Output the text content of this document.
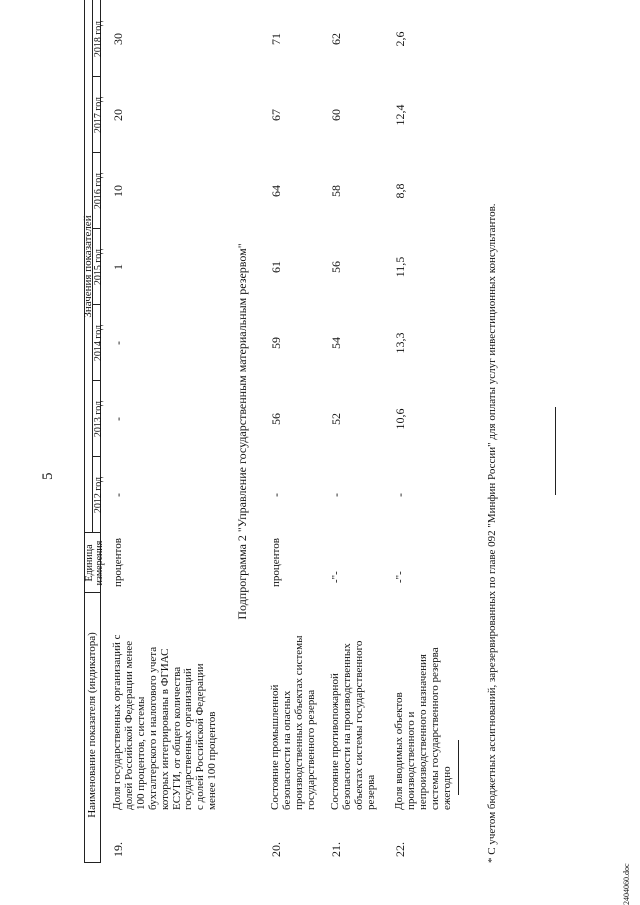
5
Наименование показателя (индикатора)
Единица измерения
Значения показателей
2012 год
2013 год
2014 год
2015 год
2016 год
2017 год
2018 год
19.
Доля государственных организаций с долей Российской Федерации менее 100 процентов, системы бухгалтерского и налогового учета которых интегрированы в ФГИАС ЕСУГИ, от общего количества государственных организаций с долей Российской Федерации менее 100 процентов
процентов
-
-
-
1
10
20
30
Подпрограмма 2 "Управление государственным материальным резервом"
20.
Состояние промышленной безопасности на опасных производственных объектах системы государственного резерва
процентов
-
56
59
61
64
67
71
21.
Состояние противопожарной безопасности на производственных объектах системы государственного резерва
-"-
-
52
54
56
58
60
62
22.
Доля вводимых объектов производственного и непроизводственного назначения системы государственного резерва ежегодно
-"-
-
10,6
13,3
11,5
8,8
12,4
2,6
* С учетом бюджетных ассигнований, зарезервированных по главе 092 "Минфин России" для оплаты услуг инвестиционных консультантов.
2404060.doc
